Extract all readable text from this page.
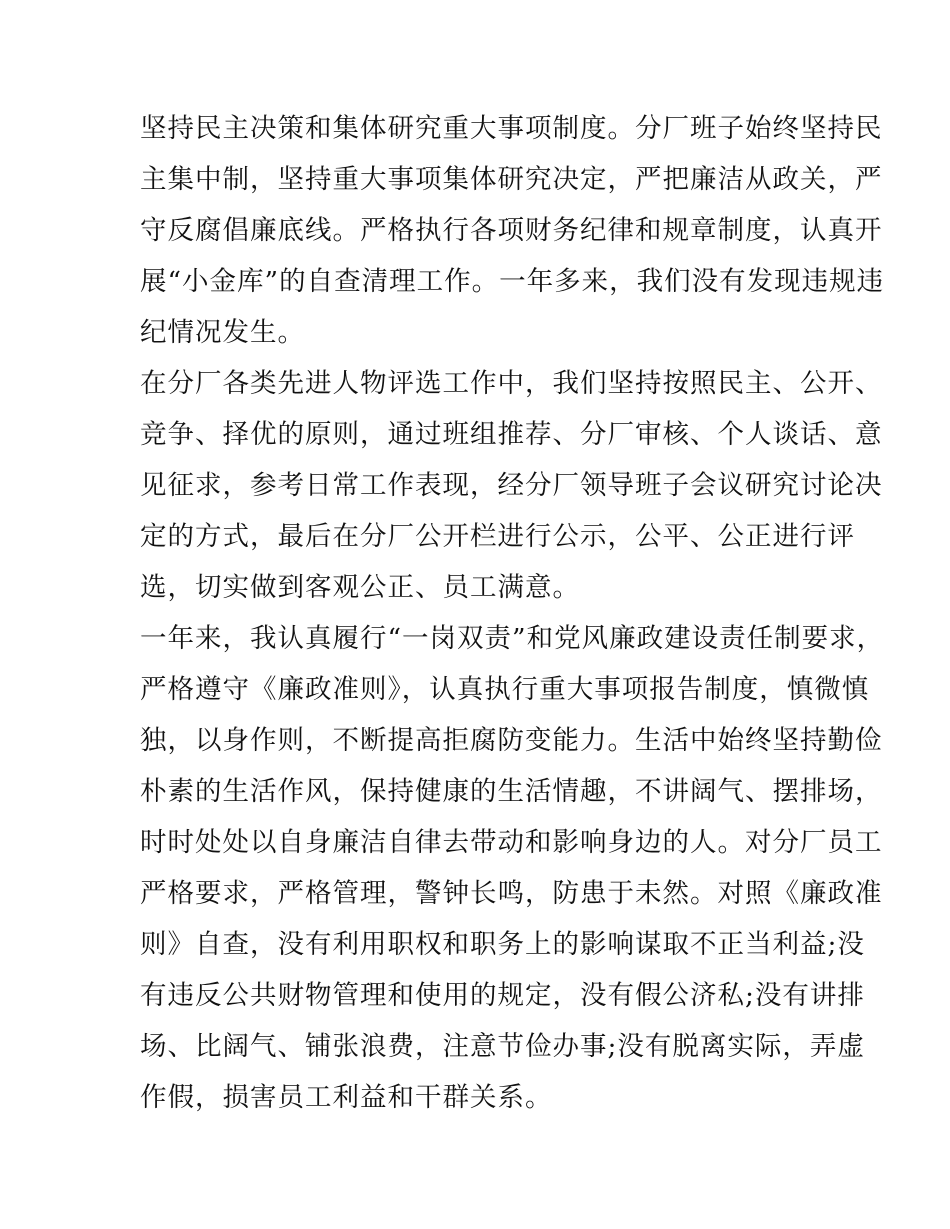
坚持民主决策和集体研究重大事项制度。分厂班子始终坚持民
主集中制，坚持重大事项集体研究决定，严把廉洁从政关，严
守反腐倡廉底线。严格执行各项财务纪律和规章制度，认真开
展“小金库”的自查清理工作。一年多来，我们没有发现违规违
纪情况发生。
在分厂各类先进人物评选工作中，我们坚持按照民主、公开、
竞争、择优的原则，通过班组推荐、分厂审核、个人谈话、意
见征求，参考日常工作表现，经分厂领导班子会议研究讨论决
定的方式，最后在分厂公开栏进行公示，公平、公正进行评
选，切实做到客观公正、员工满意。
一年来，我认真履行“一岗双责”和党风廉政建设责任制要求，
严格遵守《廉政准则》，认真执行重大事项报告制度，慎微慎
独，以身作则，不断提高拒腐防变能力。生活中始终坚持勤俭
朴素的生活作风，保持健康的生活情趣，不讲阔气、摆排场，
时时处处以自身廉洁自律去带动和影响身边的人。对分厂员工
严格要求，严格管理，警钟长鸣，防患于未然。对照《廉政准
则》自查，没有利用职权和职务上的影响谋取不正当利益;没
有违反公共财物管理和使用的规定，没有假公济私;没有讲排
场、比阔气、铺张浪费，注意节俭办事;没有脱离实际，弄虚
作假，损害员工利益和干群关系。
